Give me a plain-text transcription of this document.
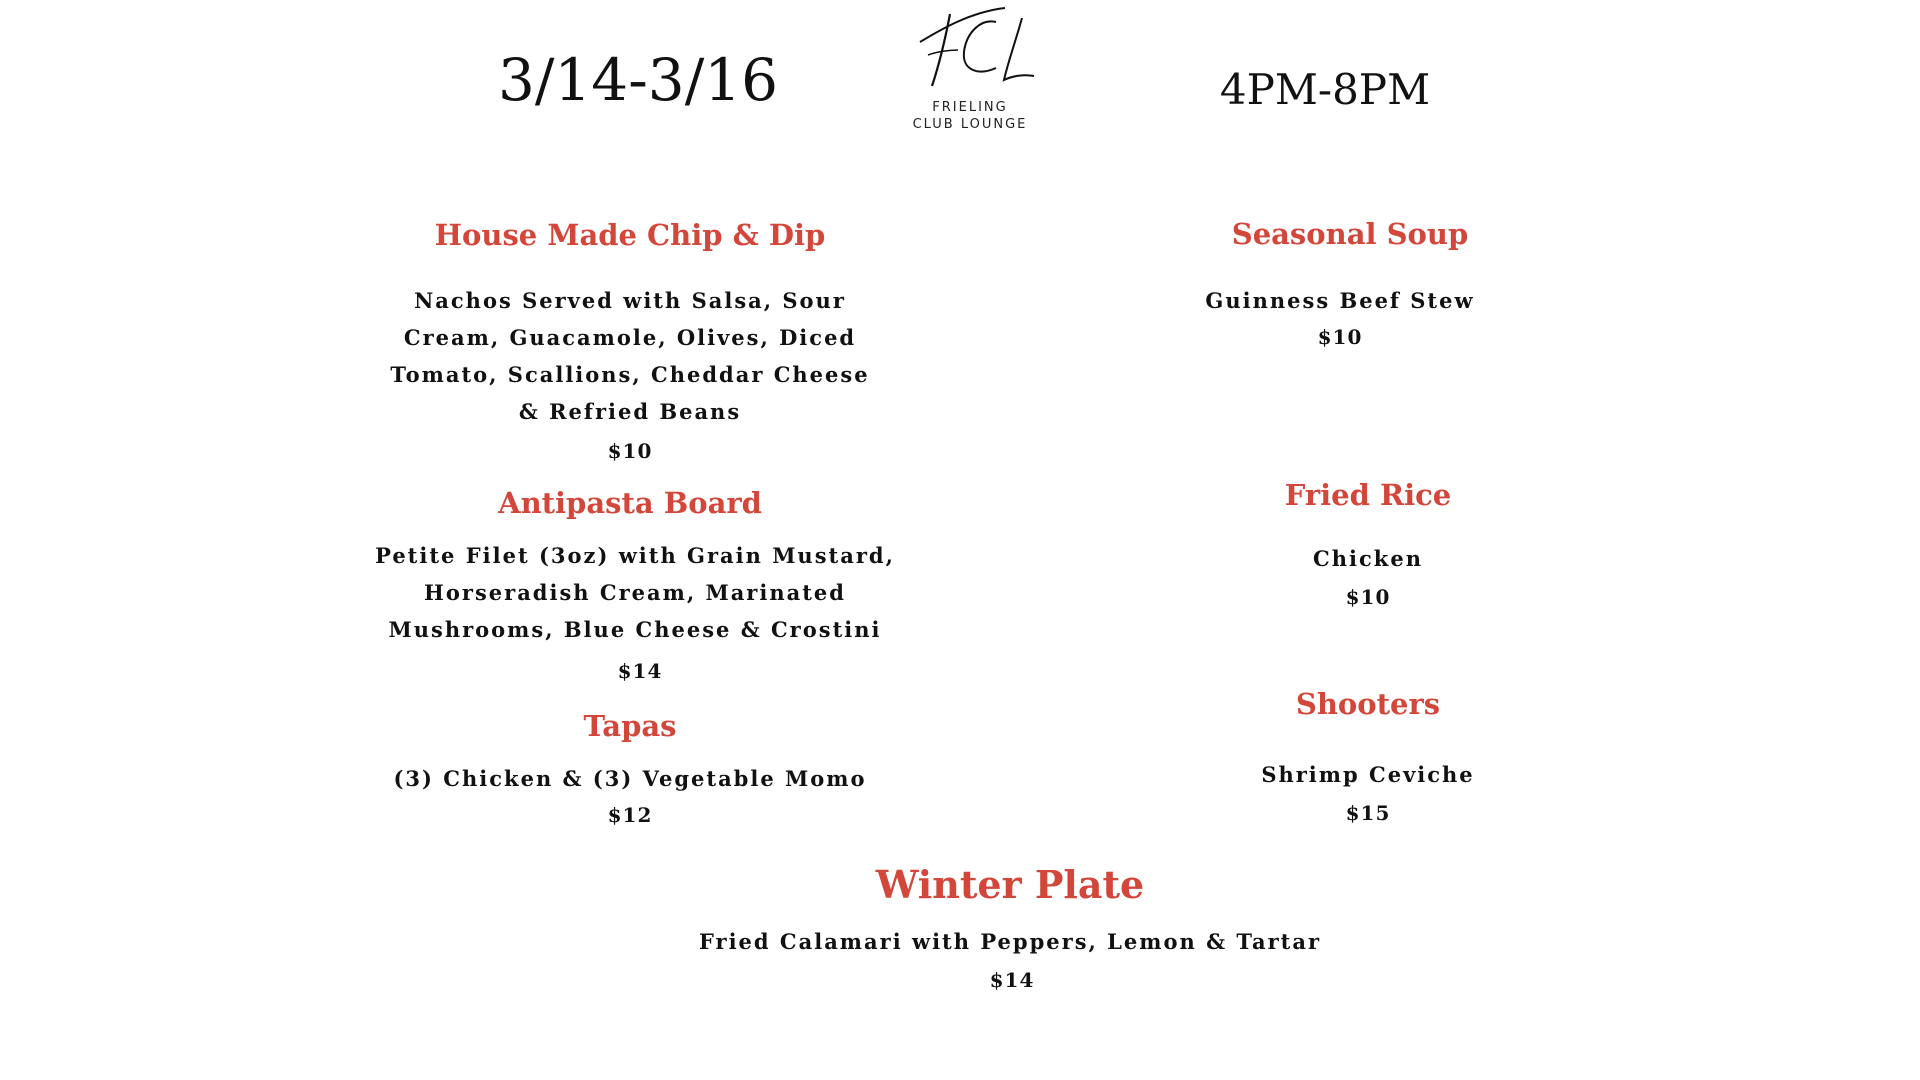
3/14-3/16	4PM-8PM
FRIELING
CLUB LOUNGE
House Made Chip & Dip
Nachos Served with Salsa, Sour Cream, Guacamole, Olives, Diced Tomato, Scallions, Cheddar Cheese & Refried Beans
$10
Antipasta Board
Petite Filet (3oz) with Grain Mustard, Horseradish Cream, Marinated Mushrooms, Blue Cheese & Crostini
$14
Tapas
(3) Chicken & (3) Vegetable Momo
$12
Seasonal Soup
Guinness Beef Stew
$10
Fried Rice
Chicken
$10
Shooters
Shrimp Ceviche
$15
Winter Plate
Fried Calamari with Peppers, Lemon & Tartar
$14
